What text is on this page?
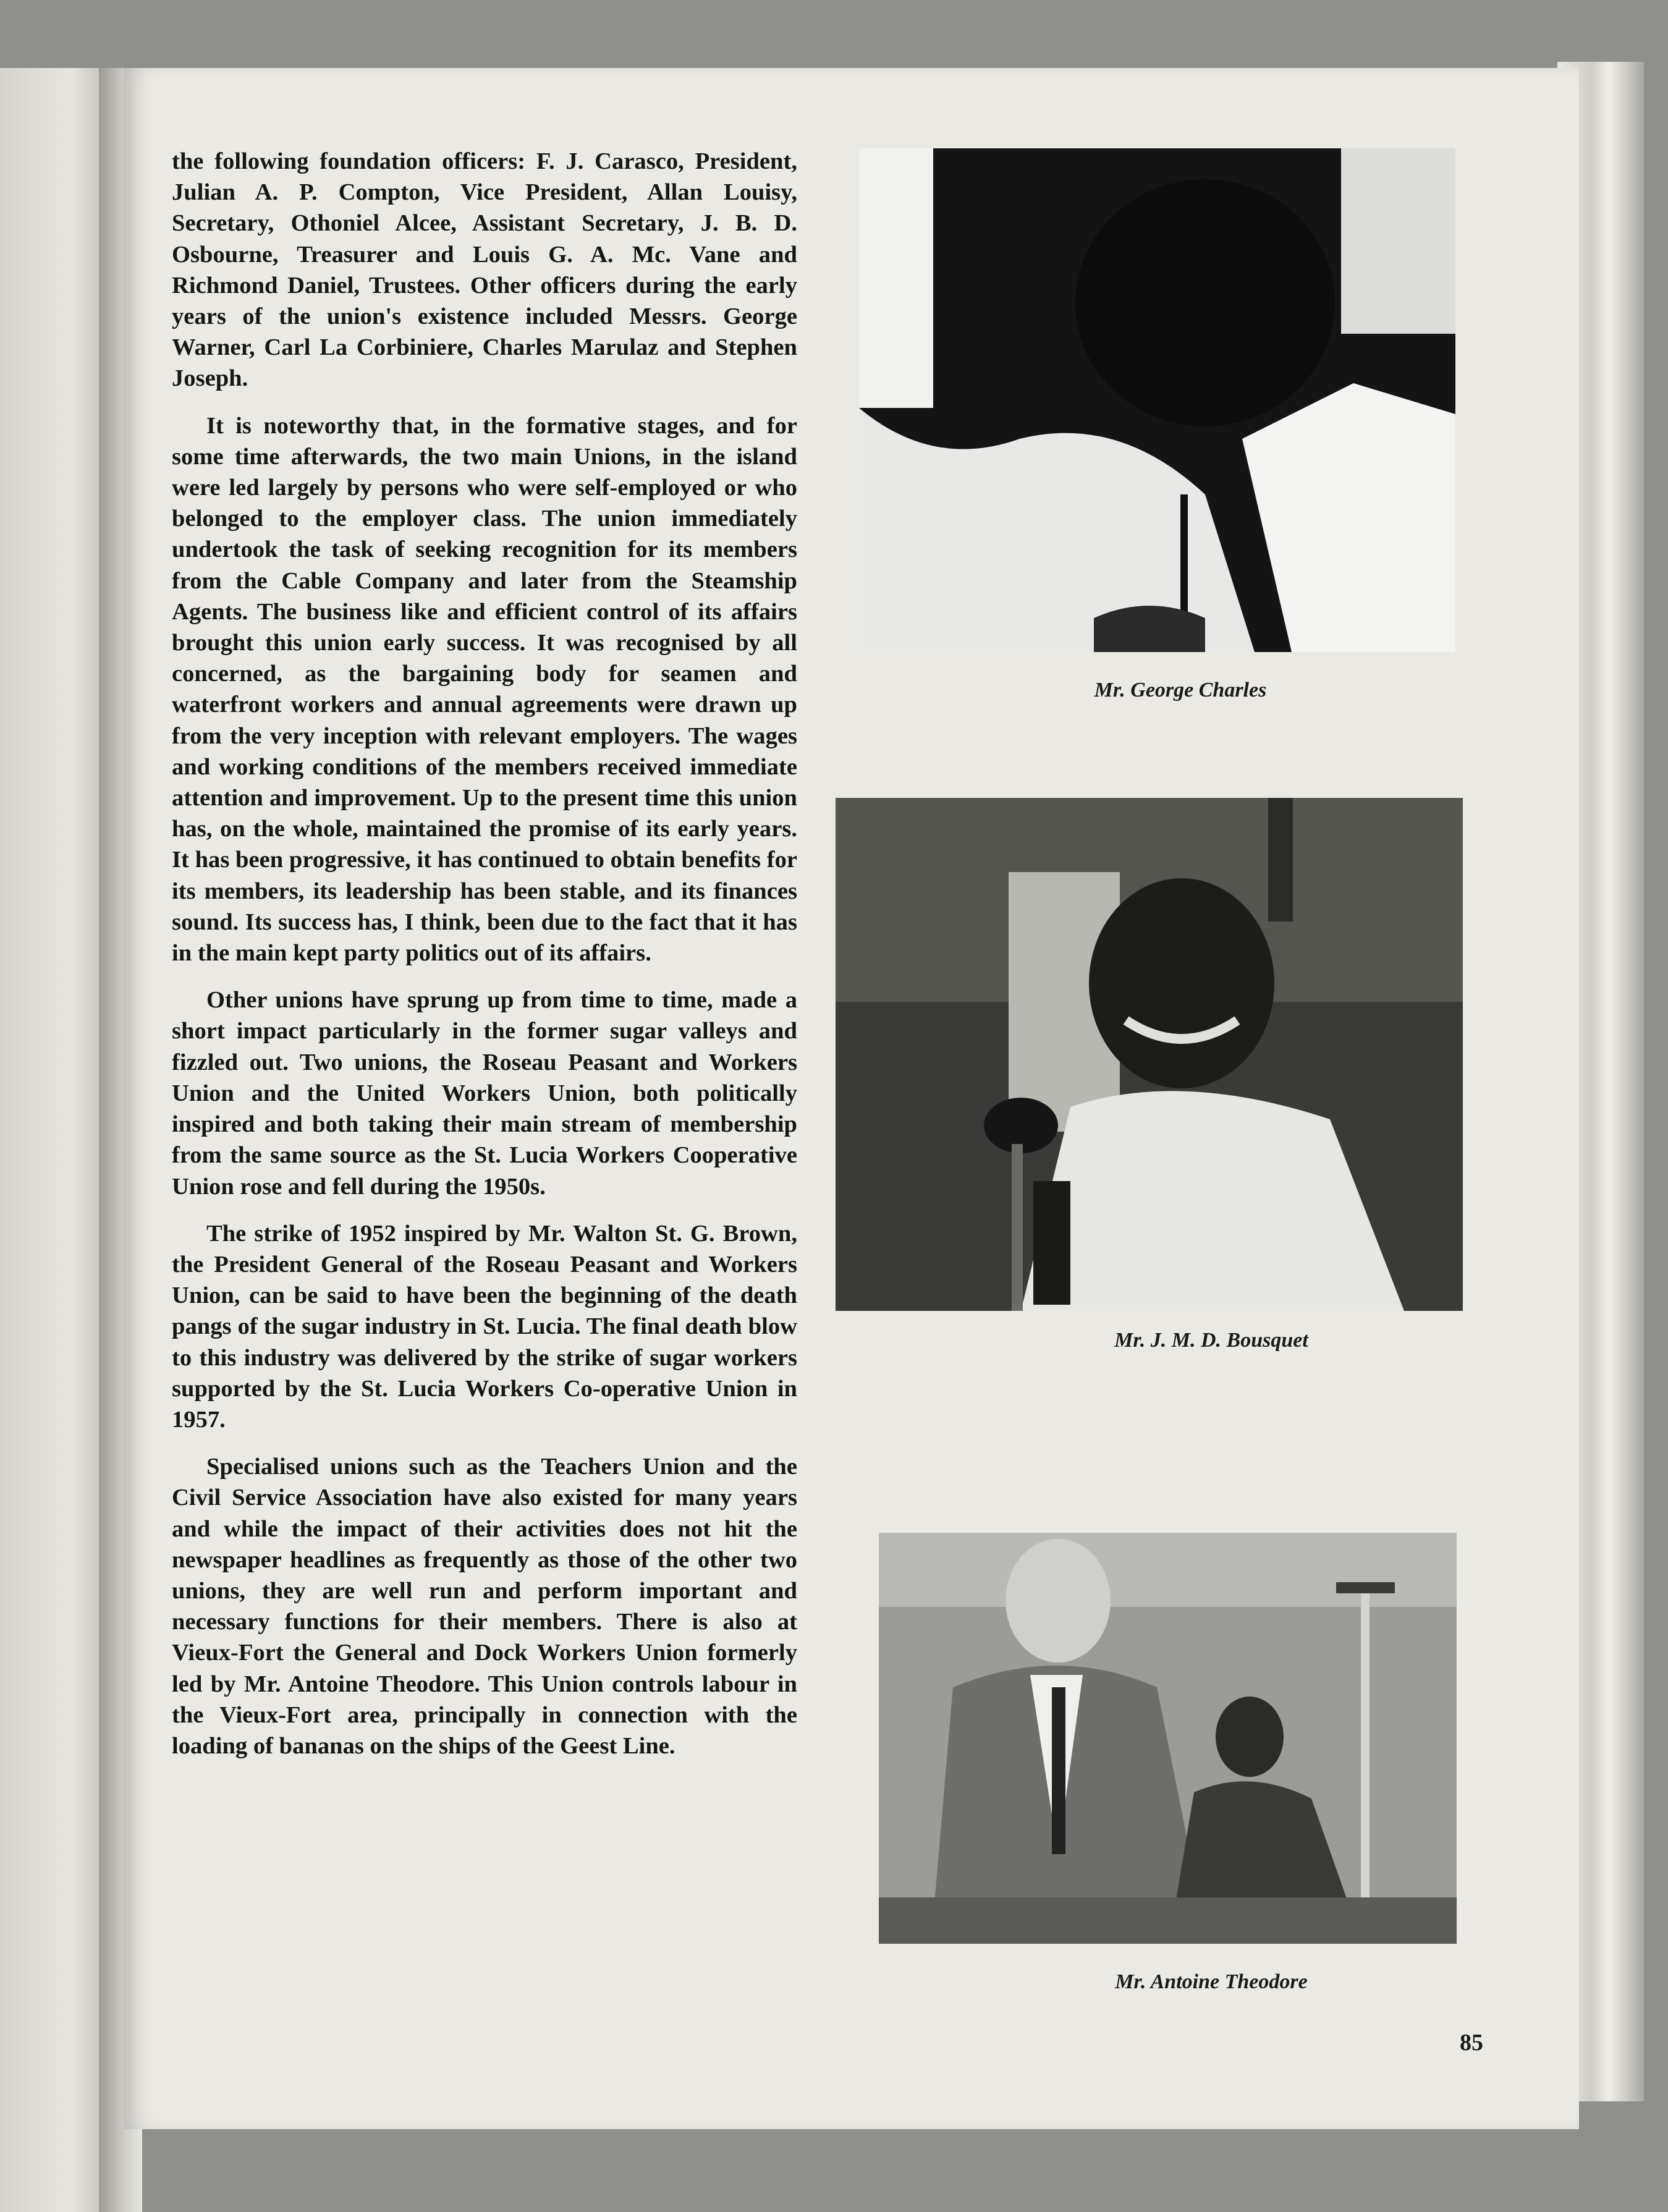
the following foundation officers: F. J. Carasco, President, Julian A. P. Compton, Vice President, Allan Louisy, Secretary, Othoniel Alcee, Assistant Secretary, J. B. D. Osbourne, Treasurer and Louis G. A. Mc. Vane and Richmond Daniel, Trustees. Other officers during the early years of the union's existence included Messrs. George Warner, Carl La Corbiniere, Charles Marulaz and Stephen Joseph.

It is noteworthy that, in the formative stages, and for some time afterwards, the two main Unions, in the island were led largely by persons who were self-employed or who belonged to the employer class. The union immediately undertook the task of seeking recognition for its members from the Cable Company and later from the Steamship Agents. The business like and efficient control of its affairs brought this union early success. It was recognised by all concerned, as the bargaining body for seamen and waterfront workers and annual agreements were drawn up from the very inception with relevant employers. The wages and working conditions of the members received immediate attention and improvement. Up to the present time this union has, on the whole, maintained the promise of its early years. It has been progressive, it has continued to obtain benefits for its members, its leadership has been stable, and its finances sound. Its success has, I think, been due to the fact that it has in the main kept party politics out of its affairs.

Other unions have sprung up from time to time, made a short impact particularly in the former sugar valleys and fizzled out. Two unions, the Roseau Peasant and Workers Union and the United Workers Union, both politically inspired and both taking their main stream of membership from the same source as the St. Lucia Workers Cooperative Union rose and fell during the 1950s.

The strike of 1952 inspired by Mr. Walton St. G. Brown, the President General of the Roseau Peasant and Workers Union, can be said to have been the beginning of the death pangs of the sugar industry in St. Lucia. The final death blow to this industry was delivered by the strike of sugar workers supported by the St. Lucia Workers Co-operative Union in 1957.

Specialised unions such as the Teachers Union and the Civil Service Association have also existed for many years and while the impact of their activities does not hit the newspaper headlines as frequently as those of the other two unions, they are well run and perform important and necessary functions for their members. There is also at Vieux-Fort the General and Dock Workers Union formerly led by Mr. Antoine Theodore. This Union controls labour in the Vieux-Fort area, principally in connection with the loading of bananas on the ships of the Geest Line.

Mr. George Charles
Mr. J. M. D. Bousquet
Mr. Antoine Theodore
85
